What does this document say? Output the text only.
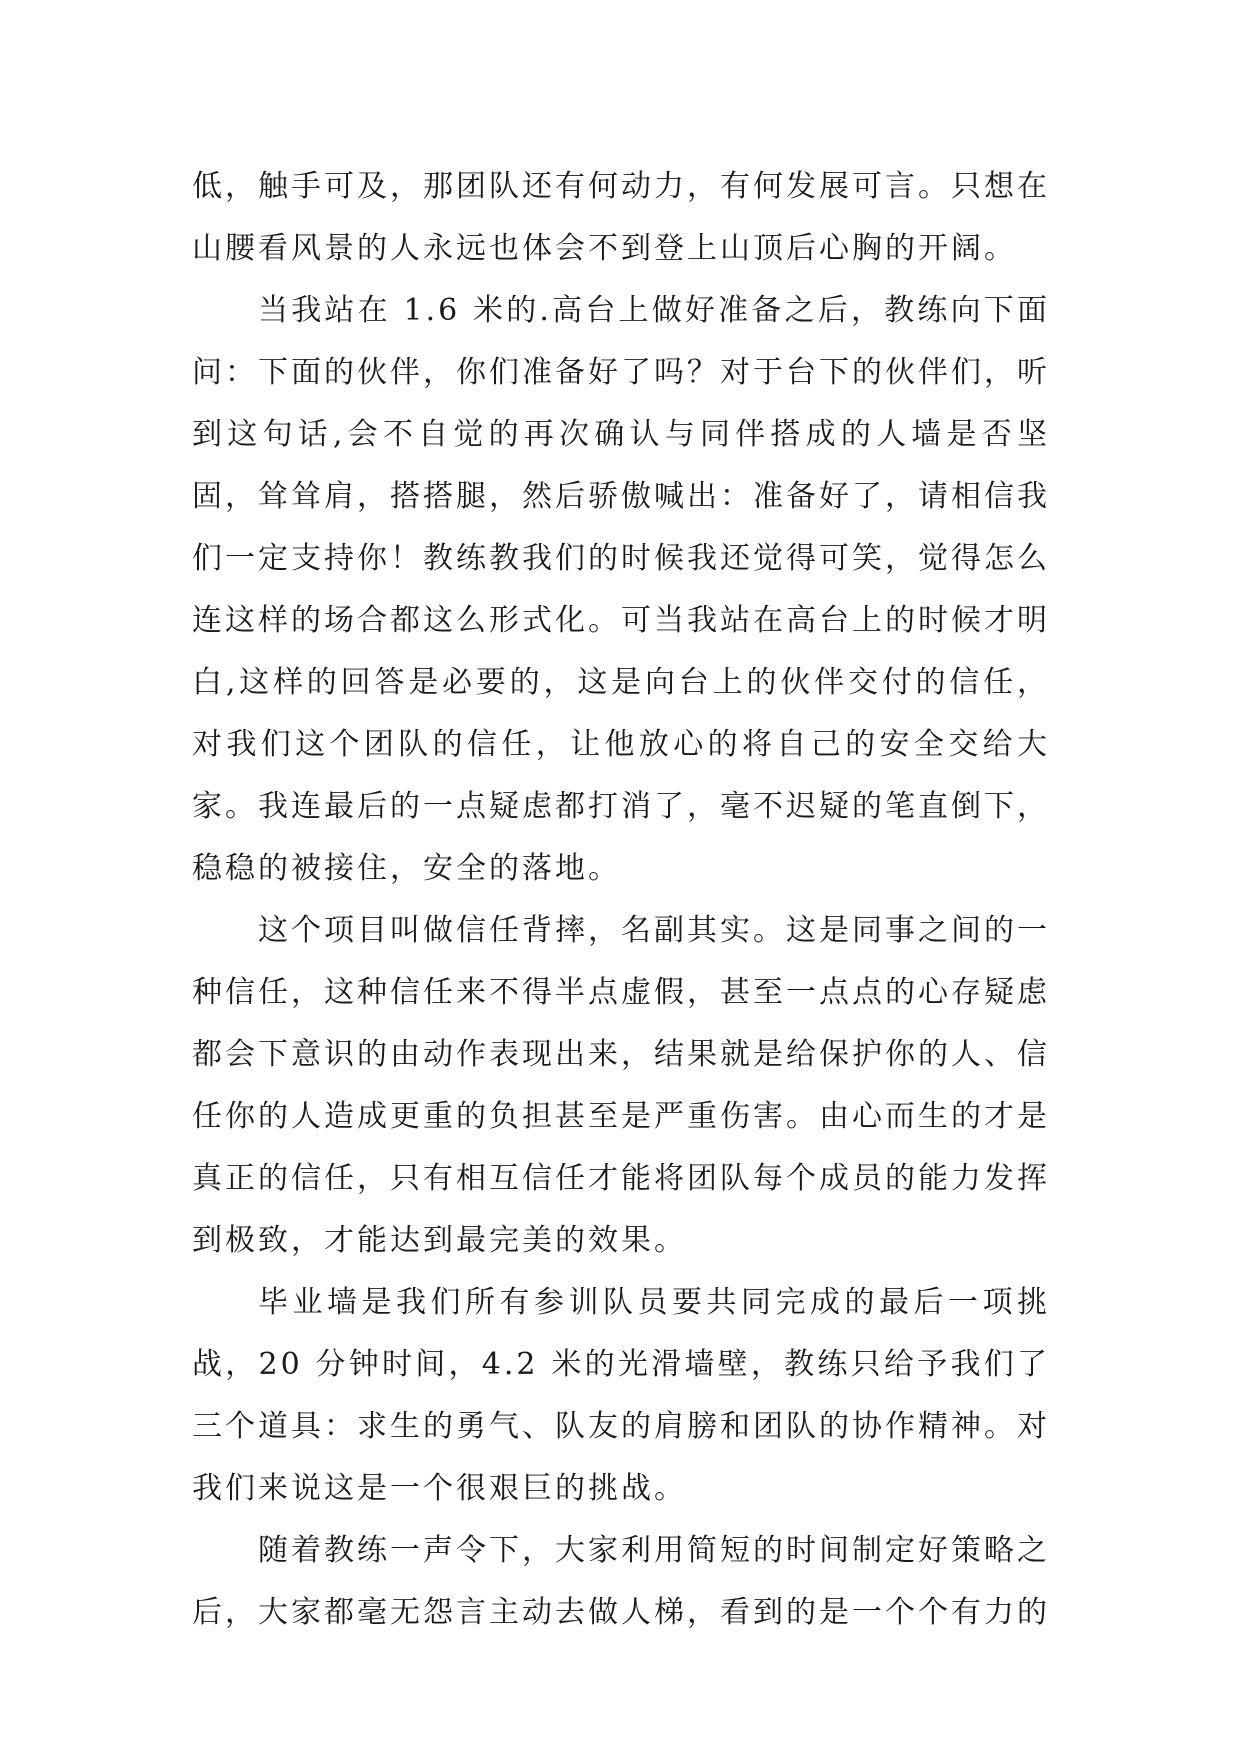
低，触手可及，那团队还有何动力，有何发展可言。只想在山腰看风景的人永远也体会不到登上山顶后心胸的开阔。

当我站在 1.6 米的.高台上做好准备之后，教练向下面问：下面的伙伴，你们准备好了吗？对于台下的伙伴们，听到这句话,会不自觉的再次确认与同伴搭成的人墙是否坚固，耸耸肩，搭搭腿，然后骄傲喊出：准备好了，请相信我们一定支持你！教练教我们的时候我还觉得可笑，觉得怎么连这样的场合都这么形式化。可当我站在高台上的时候才明白,这样的回答是必要的，这是向台上的伙伴交付的信任，对我们这个团队的信任，让他放心的将自己的安全交给大家。我连最后的一点疑虑都打消了，毫不迟疑的笔直倒下，稳稳的被接住，安全的落地。

这个项目叫做信任背摔，名副其实。这是同事之间的一种信任，这种信任来不得半点虚假，甚至一点点的心存疑虑都会下意识的由动作表现出来，结果就是给保护你的人、信任你的人造成更重的负担甚至是严重伤害。由心而生的才是真正的信任，只有相互信任才能将团队每个成员的能力发挥到极致，才能达到最完美的效果。

毕业墙是我们所有参训队员要共同完成的最后一项挑战，20 分钟时间，4.2 米的光滑墙壁，教练只给予我们了三个道具：求生的勇气、队友的肩膀和团队的协作精神。对我们来说这是一个很艰巨的挑战。

随着教练一声令下，大家利用简短的时间制定好策略之后，大家都毫无怨言主动去做人梯，看到的是一个个有力的
